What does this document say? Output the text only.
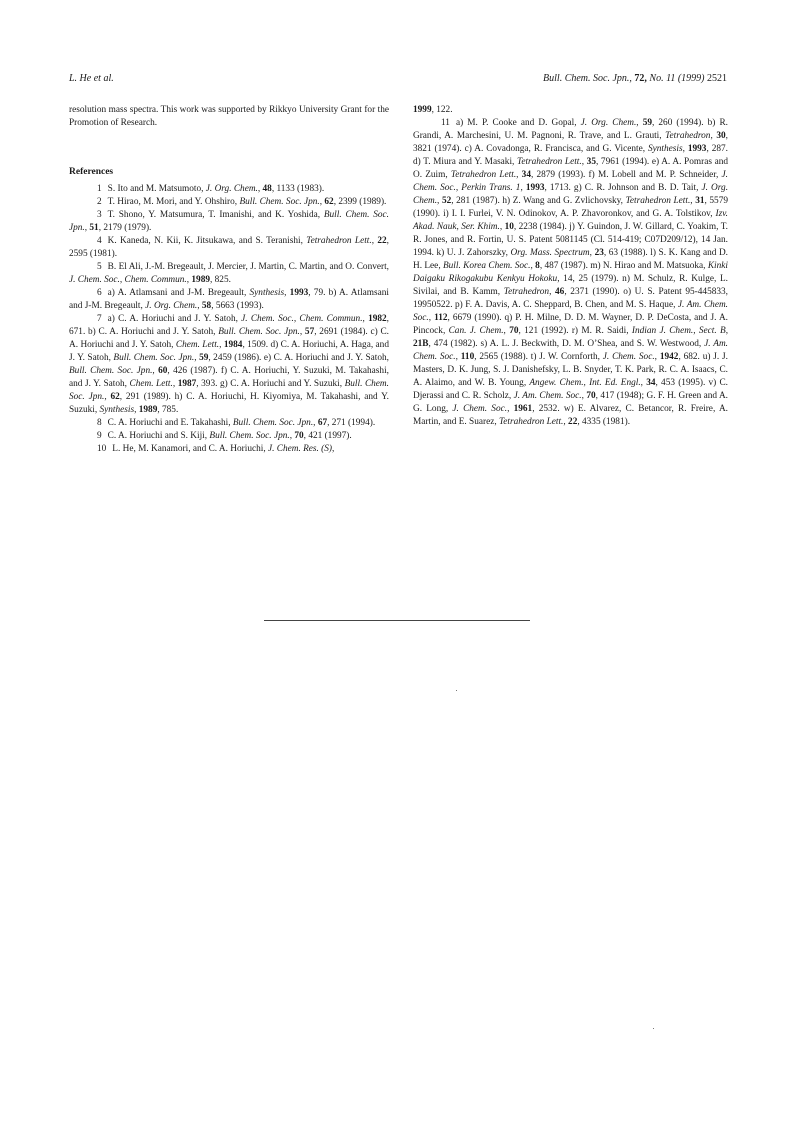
L. He et al.	Bull. Chem. Soc. Jpn., 72, No. 11 (1999) 2521

resolution mass spectra. This work was supported by Rikkyo University Grant for the Promotion of Research.

References

1 S. Ito and M. Matsumoto, J. Org. Chem., 48, 1133 (1983).

2 T. Hirao, M. Mori, and Y. Ohshiro, Bull. Chem. Soc. Jpn., 62, 2399 (1989).

3 T. Shono, Y. Matsumura, T. Imanishi, and K. Yoshida, Bull. Chem. Soc. Jpn., 51, 2179 (1979).

4 K. Kaneda, N. Kii, K. Jitsukawa, and S. Teranishi, Tetrahedron Lett., 22, 2595 (1981).

5 B. El Ali, J.-M. Bregeault, J. Mercier, J. Martin, C. Martin, and O. Convert, J. Chem. Soc., Chem. Commun., 1989, 825.

6 a) A. Atlamsani and J-M. Bregeault, Synthesis, 1993, 79. b) A. Atlamsani and J-M. Bregeault, J. Org. Chem., 58, 5663 (1993).

7 a) C. A. Horiuchi and J. Y. Satoh, J. Chem. Soc., Chem. Commun., 1982, 671. b) C. A. Horiuchi and J. Y. Satoh, Bull. Chem. Soc. Jpn., 57, 2691 (1984). c) C. A. Horiuchi and J. Y. Satoh, Chem. Lett., 1984, 1509. d) C. A. Horiuchi, A. Haga, and J. Y. Satoh, Bull. Chem. Soc. Jpn., 59, 2459 (1986). e) C. A. Horiuchi and J. Y. Satoh, Bull. Chem. Soc. Jpn., 60, 426 (1987). f) C. A. Horiuchi, Y. Suzuki, M. Takahashi, and J. Y. Satoh, Chem. Lett., 1987, 393. g) C. A. Horiuchi and Y. Suzuki, Bull. Chem. Soc. Jpn., 62, 291 (1989). h) C. A. Horiuchi, H. Kiyomiya, M. Takahashi, and Y. Suzuki, Synthesis, 1989, 785.

8 C. A. Horiuchi and E. Takahashi, Bull. Chem. Soc. Jpn., 67, 271 (1994).

9 C. A. Horiuchi and S. Kiji, Bull. Chem. Soc. Jpn., 70, 421 (1997).

10 L. He, M. Kanamori, and C. A. Horiuchi, J. Chem. Res. (S),

1999, 122.

11 a) M. P. Cooke and D. Gopal, J. Org. Chem., 59, 260 (1994). b) R. Grandi, A. Marchesini, U. M. Pagnoni, R. Trave, and L. Grauti, Tetrahedron, 30, 3821 (1974). c) A. Covadonga, R. Francisca, and G. Vicente, Synthesis, 1993, 287. d) T. Miura and Y. Masaki, Tetrahedron Lett., 35, 7961 (1994). e) A. A. Pomras and O. Zuim, Tetrahedron Lett., 34, 2879 (1993). f) M. Lobell and M. P. Schneider, J. Chem. Soc., Perkin Trans. 1, 1993, 1713. g) C. R. Johnson and B. D. Tait, J. Org. Chem., 52, 281 (1987). h) Z. Wang and G. Zvlichovsky, Tetrahedron Lett., 31, 5579 (1990). i) I. I. Furlei, V. N. Odinokov, A. P. Zhavoronkov, and G. A. Tolstikov, Izv. Akad. Nauk, Ser. Khim., 10, 2238 (1984). j) Y. Guindon, J. W. Gillard, C. Yoakim, T. R. Jones, and R. Fortin, U. S. Patent 5081145 (Cl. 514-419; C07D209/12), 14 Jan. 1994. k) U. J. Zahorszky, Org. Mass. Spectrum, 23, 63 (1988). l) S. K. Kang and D. H. Lee, Bull. Korea Chem. Soc., 8, 487 (1987). m) N. Hirao and M. Matsuoka, Kinki Daigaku Rikogakubu Kenkyu Hokoku, 14, 25 (1979). n) M. Schulz, R. Kulge, L. Sivilai, and B. Kamm, Tetrahedron, 46, 2371 (1990). o) U. S. Patent 95-445833, 19950522. p) F. A. Davis, A. C. Sheppard, B. Chen, and M. S. Haque, J. Am. Chem. Soc., 112, 6679 (1990). q) P. H. Milne, D. D. M. Wayner, D. P. DeCosta, and J. A. Pincock, Can. J. Chem., 70, 121 (1992). r) M. R. Saidi, Indian J. Chem., Sect. B, 21B, 474 (1982). s) A. L. J. Beckwith, D. M. O’Shea, and S. W. Westwood, J. Am. Chem. Soc., 110, 2565 (1988). t) J. W. Cornforth, J. Chem. Soc., 1942, 682. u) J. J. Masters, D. K. Jung, S. J. Danishefsky, L. B. Snyder, T. K. Park, R. C. A. Isaacs, C. A. Alaimo, and W. B. Young, Angew. Chem., Int. Ed. Engl., 34, 453 (1995). v) C. Djerassi and C. R. Scholz, J. Am. Chem. Soc., 70, 417 (1948); G. F. H. Green and A. G. Long, J. Chem. Soc., 1961, 2532. w) E. Alvarez, C. Betancor, R. Freire, A. Martin, and E. Suarez, Tetrahedron Lett., 22, 4335 (1981).
